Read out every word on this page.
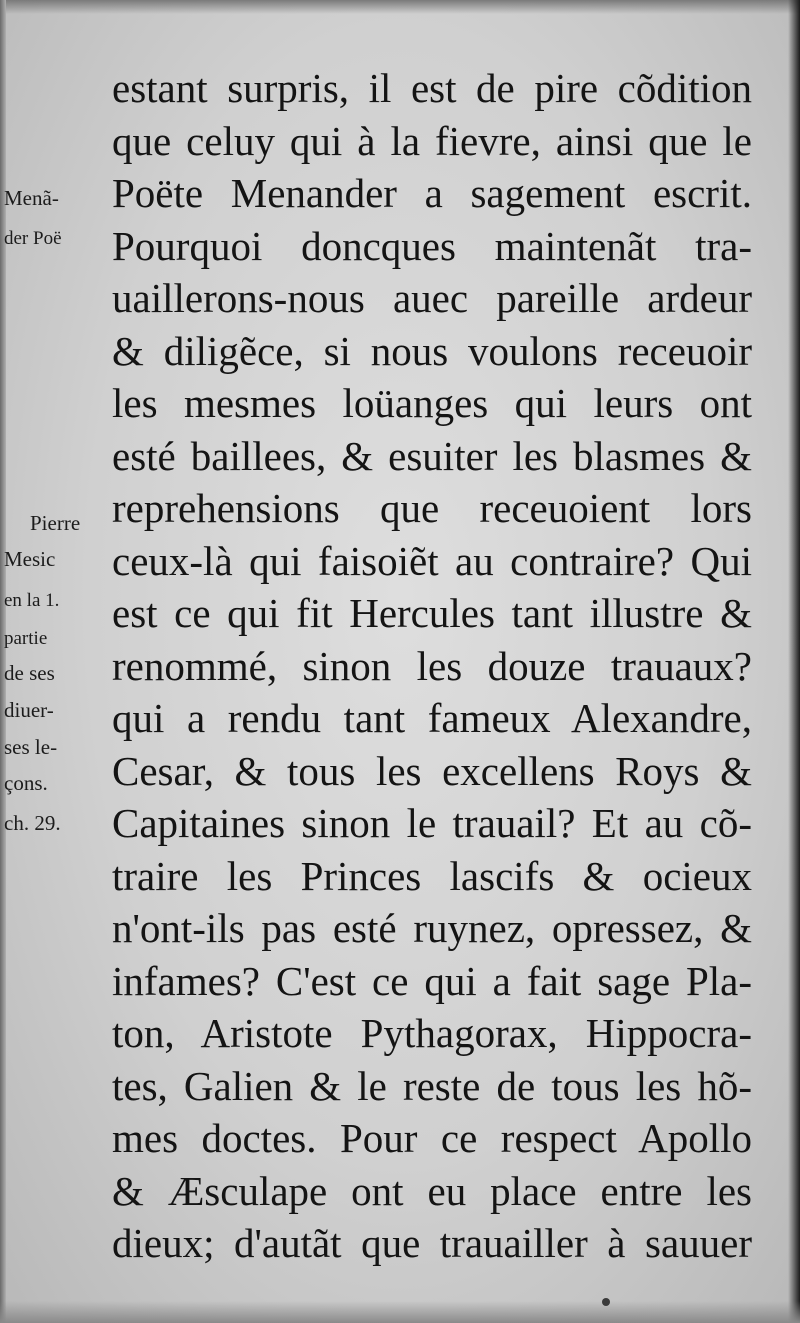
Menã-
der Poë
Pierre
Mesic
en la 1.
partie
de ses
diuer-
ses le-
çons.
ch. 29.
estant surpris, il est de pire cõdition
que celuy qui à la fievre, ainsi que le
Poëte Menander a sagement escrit.
Pourquoi doncques maintenãt tra-
uaillerons-nous auec pareille ardeur
& diligẽce, si nous voulons receuoir
les mesmes loüanges qui leurs ont
esté baillees, & esuiter les blasmes &
reprehensions que receuoient lors
ceux-là qui faisoiẽt au contraire? Qui
est ce qui fit Hercules tant illustre &
renommé, sinon les douze trauaux?
qui a rendu tant fameux Alexandre,
Cesar, & tous les excellens Roys &
Capitaines sinon le trauail? Et au cõ-
traire les Princes lascifs & ocieux
n'ont-ils pas esté ruynez, opressez, &
infames? C'est ce qui a fait sage Pla-
ton, Aristote Pythagorax, Hippocra-
tes, Galien & le reste de tous les hõ-
mes doctes. Pour ce respect Apollo
& Æsculape ont eu place entre les
dieux; d'autãt que trauailler à sauuer
